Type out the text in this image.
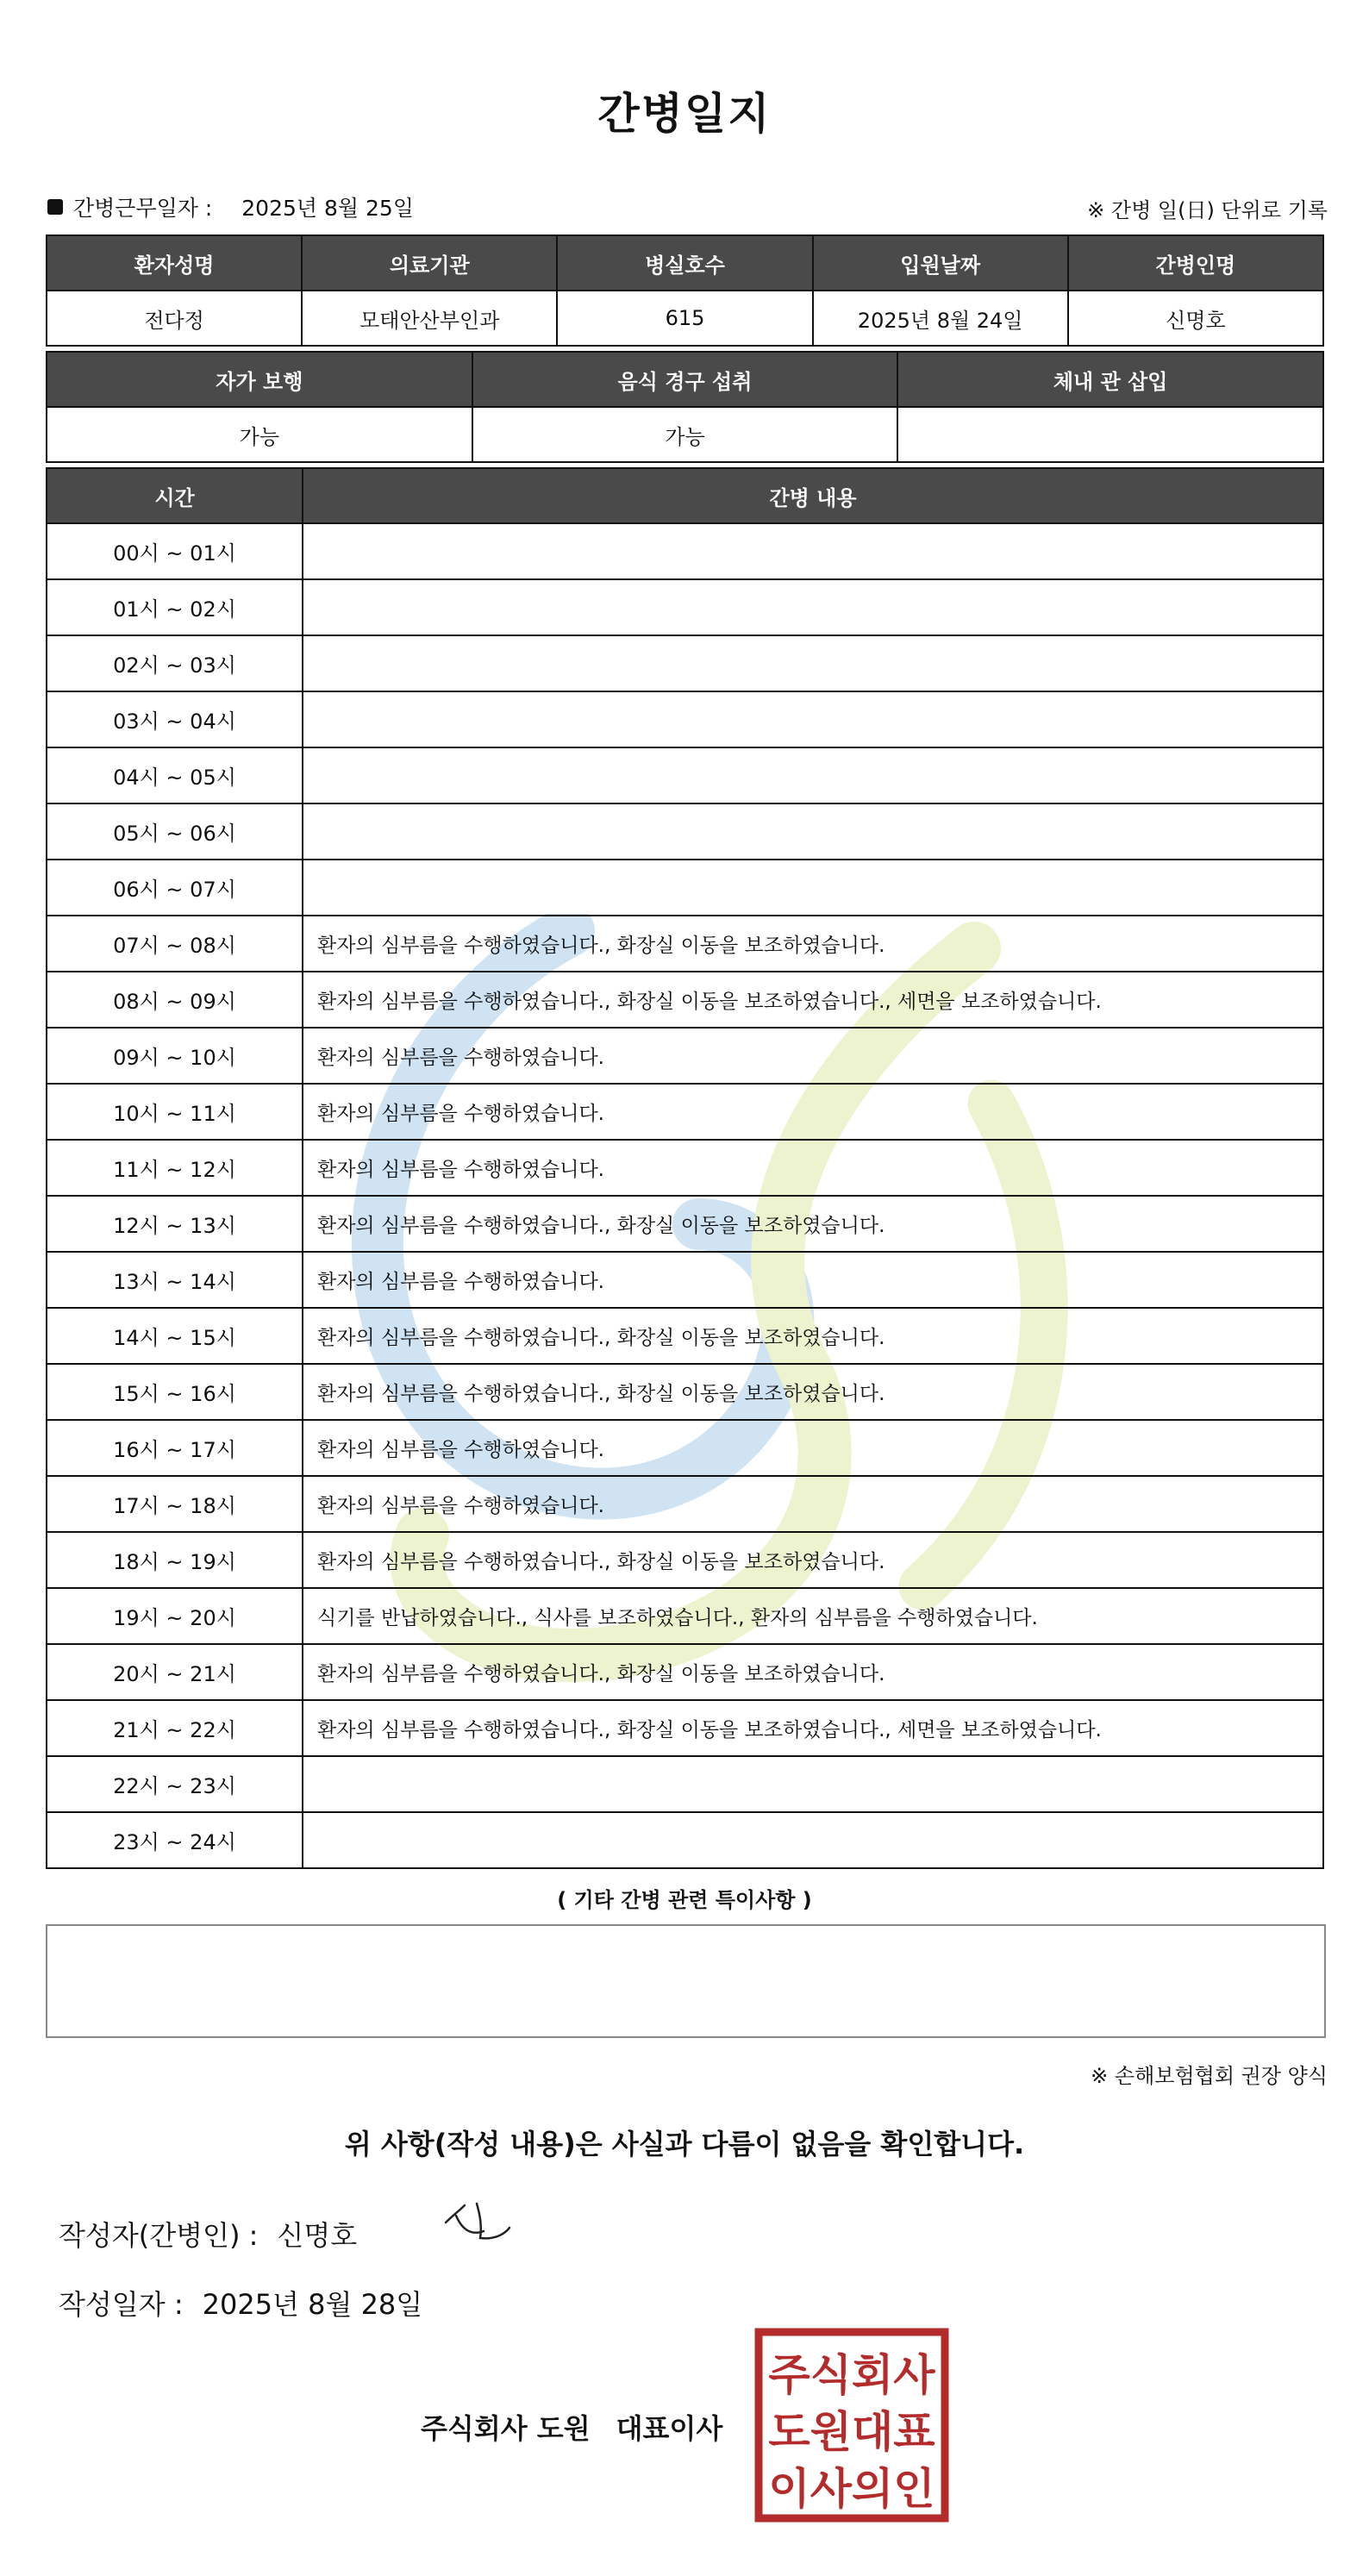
간병일지
간병근무일자 : 2025년 8월 25일	※ 간병 일(日) 단위로 기록
환자성명	의료기관	병실호수	입원날짜	간병인명
전다정	모태안산부인과	615	2025년 8월 24일	신명호
자가 보행	음식 경구 섭취	체내 관 삽입
가능	가능	
시간	간병 내용
00시 ~ 01시	
01시 ~ 02시	
02시 ~ 03시	
03시 ~ 04시	
04시 ~ 05시	
05시 ~ 06시	
06시 ~ 07시	
07시 ~ 08시	환자의 심부름을 수행하였습니다., 화장실 이동을 보조하였습니다.
08시 ~ 09시	환자의 심부름을 수행하였습니다., 화장실 이동을 보조하였습니다., 세면을 보조하였습니다.
09시 ~ 10시	환자의 심부름을 수행하였습니다.
10시 ~ 11시	환자의 심부름을 수행하였습니다.
11시 ~ 12시	환자의 심부름을 수행하였습니다.
12시 ~ 13시	환자의 심부름을 수행하였습니다., 화장실 이동을 보조하였습니다.
13시 ~ 14시	환자의 심부름을 수행하였습니다.
14시 ~ 15시	환자의 심부름을 수행하였습니다., 화장실 이동을 보조하였습니다.
15시 ~ 16시	환자의 심부름을 수행하였습니다., 화장실 이동을 보조하였습니다.
16시 ~ 17시	환자의 심부름을 수행하였습니다.
17시 ~ 18시	환자의 심부름을 수행하였습니다.
18시 ~ 19시	환자의 심부름을 수행하였습니다., 화장실 이동을 보조하였습니다.
19시 ~ 20시	식기를 반납하였습니다., 식사를 보조하였습니다., 환자의 심부름을 수행하였습니다.
20시 ~ 21시	환자의 심부름을 수행하였습니다., 화장실 이동을 보조하였습니다.
21시 ~ 22시	환자의 심부름을 수행하였습니다., 화장실 이동을 보조하였습니다., 세면을 보조하였습니다.
22시 ~ 23시	
23시 ~ 24시	
( 기타 간병 관련 특이사항 )
※ 손해보험협회 권장 양식
위 사항(작성 내용)은 사실과 다름이 없음을 확인합니다.
작성자(간병인) : 신명호
작성일자 : 2025년 8월 28일
주식회사 도원 대표이사
주식회사
도원대표
이사의인
